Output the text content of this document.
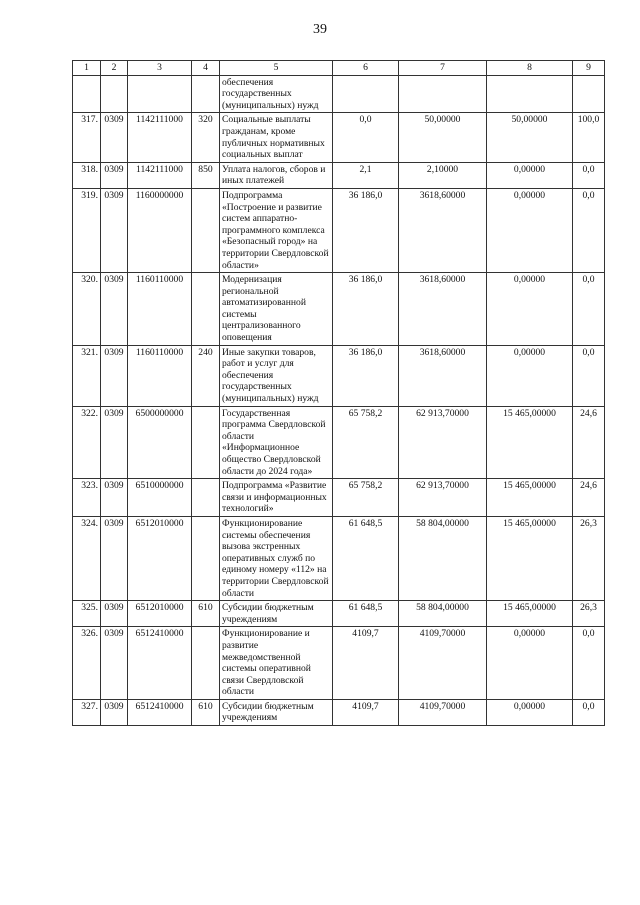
39
1	2	3	4	5	6	7	8	9
				обеспечения государственных (муниципальных) нужд				
317.	0309	1142111000	320	Социальные выплаты гражданам, кроме публичных нормативных социальных выплат	0,0	50,00000	50,00000	100,0
318.	0309	1142111000	850	Уплата налогов, сборов и иных платежей	2,1	2,10000	0,00000	0,0
319.	0309	1160000000		Подпрограмма «Построение и развитие систем аппаратно-программного комплекса «Безопасный город» на территории Свердловской области»	36 186,0	3618,60000	0,00000	0,0
320.	0309	1160110000		Модернизация региональной автоматизированной системы централизованного оповещения	36 186,0	3618,60000	0,00000	0,0
321.	0309	1160110000	240	Иные закупки товаров, работ и услуг для обеспечения государственных (муниципальных) нужд	36 186,0	3618,60000	0,00000	0,0
322.	0309	6500000000		Государственная программа Свердловской области «Информационное общество Свердловской области до 2024 года»	65 758,2	62 913,70000	15 465,00000	24,6
323.	0309	6510000000		Подпрограмма «Развитие связи и информационных технологий»	65 758,2	62 913,70000	15 465,00000	24,6
324.	0309	6512010000		Функционирование системы обеспечения вызова экстренных оперативных служб по единому номеру «112» на территории Свердловской области	61 648,5	58 804,00000	15 465,00000	26,3
325.	0309	6512010000	610	Субсидии бюджетным учреждениям	61 648,5	58 804,00000	15 465,00000	26,3
326.	0309	6512410000		Функционирование и развитие межведомственной системы оперативной связи Свердловской области	4109,7	4109,70000	0,00000	0,0
327.	0309	6512410000	610	Субсидии бюджетным учреждениям	4109,7	4109,70000	0,00000	0,0
